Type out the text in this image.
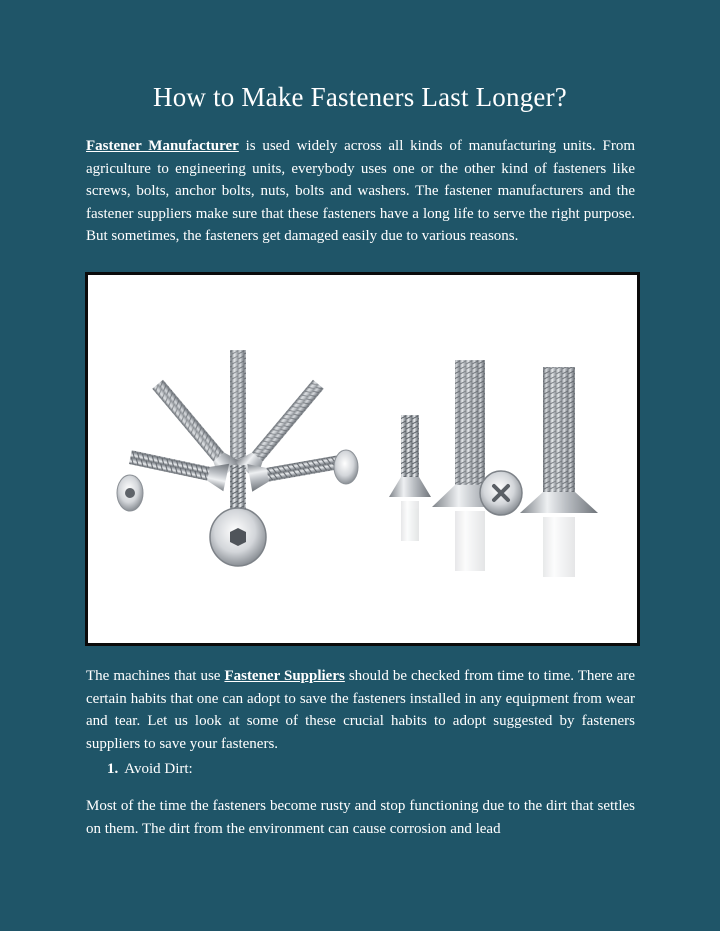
How to Make Fasteners Last Longer?

Fastener Manufacturer is used widely across all kinds of manufacturing units. From agriculture to engineering units, everybody uses one or the other kind of fasteners like screws, bolts, anchor bolts, nuts, bolts and washers. The fastener manufacturers and the fastener suppliers make sure that these fasteners have a long life to serve the right purpose. But sometimes, the fasteners get damaged easily due to various reasons.

The machines that use Fastener Suppliers should be checked from time to time. There are certain habits that one can adopt to save the fasteners installed in any equipment from wear and tear. Let us look at some of these crucial habits to adopt suggested by fasteners suppliers to save your fasteners.

1. Avoid Dirt:

Most of the time the fasteners become rusty and stop functioning due to the dirt that settles on them. The dirt from the environment can cause corrosion and lead
